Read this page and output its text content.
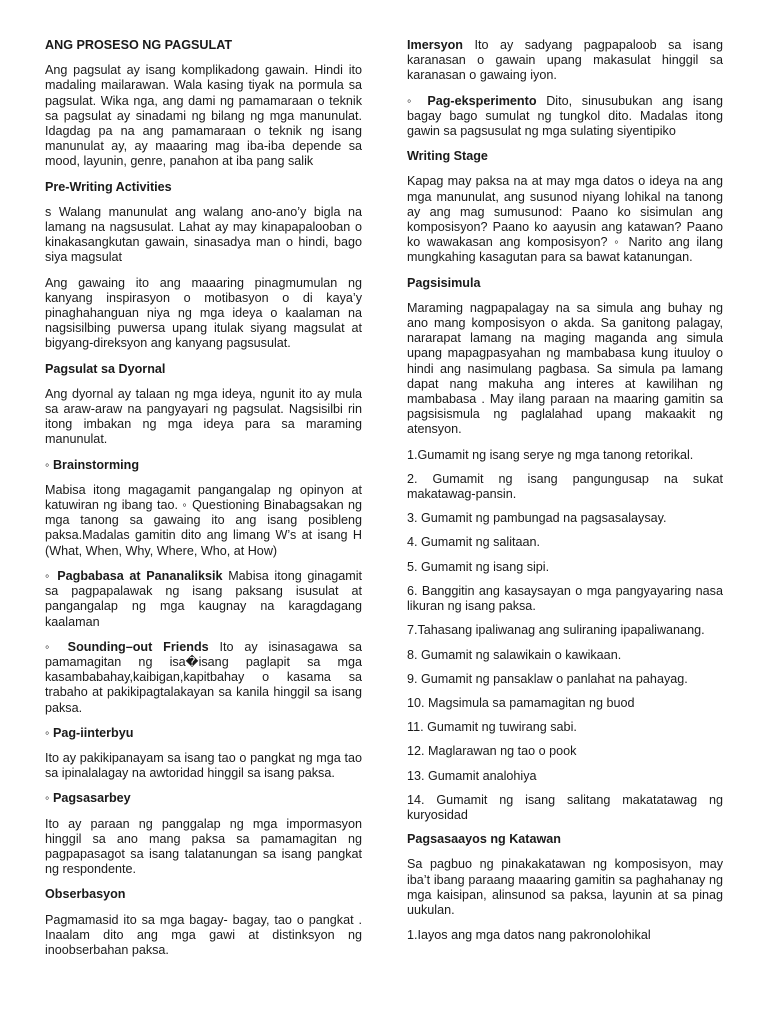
ANG PROSESO NG PAGSULAT

Ang pagsulat ay isang komplikadong gawain. Hindi ito madaling mailarawan. Wala kasing tiyak na pormula sa pagsulat. Wika nga, ang dami ng pamamaraan o teknik sa pagsulat ay sinadami ng bilang ng mga manunulat. Idagdag pa na ang pamamaraan o teknik ng isang manunulat ay, ay maaaring mag iba-iba depende sa mood, layunin, genre, panahon at iba pang salik

Pre-Writing Activities

s Walang manunulat ang walang ano-ano’y bigla na lamang na nagsusulat. Lahat ay may kinapapalooban o kinakasangkutan gawain, sinasadya man o hindi, bago siya magsulat

Ang gawaing ito ang maaaring pinagmumulan ng kanyang inspirasyon o motibasyon o di kaya’y pinaghahanguan niya ng mga ideya o kaalaman na nagsisilbing puwersa upang itulak siyang magsulat at bigyang-direksyon ang kanyang pagsusulat.

Pagsulat sa Dyornal

Ang dyornal ay talaan ng mga ideya, ngunit ito ay mula sa araw-araw na pangyayari ng pagsulat. Nagsisilbi rin itong imbakan ng mga ideya para sa maraming manunulat.

◦ Brainstorming

Mabisa itong magagamit pangangalap ng opinyon at katuwiran ng ibang tao. ◦ Questioning Binabagsakan ng mga tanong sa gawaing ito ang isang posibleng paksa.Madalas gamitin dito ang limang W’s at isang H (What, When, Why, Where, Who, at How)

◦ Pagbabasa at Pananaliksik Mabisa itong ginagamit sa pagpapalawak ng isang paksang isusulat at pangangalap ng mga kaugnay na karagdagang kaalaman

◦ Sounding–out Friends Ito ay isinasagawa sa pamamagitan ng isa�isang paglapit sa mga kasambabahay,kaibigan,kapitbahay o kasama sa trabaho at pakikipagtalakayan sa kanila hinggil sa isang paksa.

◦ Pag-iinterbyu

Ito ay pakikipanayam sa isang tao o pangkat ng mga tao sa ipinalalagay na awtoridad hinggil sa isang paksa.

◦ Pagsasarbey

Ito ay paraan ng panggalap ng mga impormasyon hinggil sa ano mang paksa sa pamamagitan ng pagpapasagot sa isang talatanungan sa isang pangkat ng respondente.

Obserbasyon

Pagmamasid ito sa mga bagay- bagay, tao o pangkat . Inaalam dito ang mga gawi at distinksyon ng inoobserbahan paksa.

Imersyon Ito ay sadyang pagpapaloob sa isang karanasan o gawain upang makasulat hinggil sa karanasan o gawaing iyon.

◦ Pag-eksperimento Dito, sinusubukan ang isang bagay bago sumulat ng tungkol dito. Madalas itong gawin sa pagsusulat ng mga sulating siyentipiko

Writing Stage

Kapag may paksa na at may mga datos o ideya na ang mga manunulat, ang susunod niyang lohikal na tanong ay ang mag sumusunod: Paano ko sisimulan ang komposisyon? Paano ko aayusin ang katawan? Paano ko wawakasan ang komposisyon? ◦ Narito ang ilang mungkahing kasagutan para sa bawat katanungan.

Pagsisimula

Maraming nagpapalagay na sa simula ang buhay ng ano mang komposisyon o akda. Sa ganitong palagay, nararapat lamang na maging maganda ang simula upang mapagpasyahan ng mambabasa kung ituuloy o hindi ang nasimulang pagbasa. Sa simula pa lamang dapat nang makuha ang interes at kawilihan ng mambabasa . May ilang paraan na maaring gamitin sa pagsisismula ng paglalahad upang makaakit ng atensyon.

1.Gumamit ng isang serye ng mga tanong retorikal.

2. Gumamit ng isang pangungusap na sukat makatawag-pansin.

3. Gumamit ng pambungad na pagsasalaysay.

4. Gumamit ng salitaan.

5. Gumamit ng isang sipi.

6. Banggitin ang kasaysayan o mga pangyayaring nasa likuran ng isang paksa.

7.Tahasang ipaliwanag ang suliraning ipapaliwanang.

8. Gumamit ng salawikain o kawikaan.

9. Gumamit ng pansaklaw o panlahat na pahayag.

10. Magsimula sa pamamagitan ng buod

11. Gumamit ng tuwirang sabi.

12. Maglarawan ng tao o pook

13. Gumamit analohiya

14. Gumamit ng isang salitang makatatawag ng kuryosidad

Pagsasaayos ng Katawan

Sa pagbuo ng pinakakatawan ng komposisyon, may iba’t ibang paraang maaaring gamitin sa paghahanay ng mga kaisipan, alinsunod sa paksa, layunin at sa pinag uukulan.

1.Iayos ang mga datos nang pakronolohikal
